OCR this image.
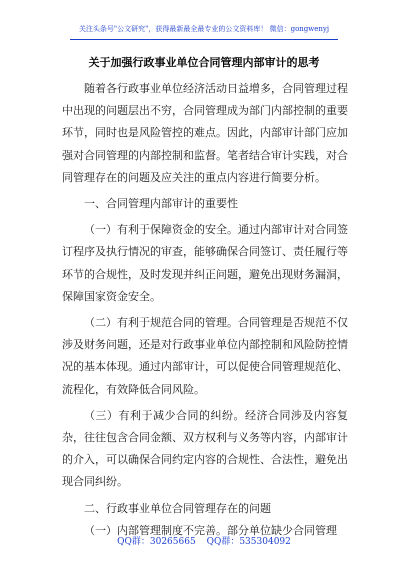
关注头条号"公文研究"，获得最新最全最专业的公文资料库！ 微信：gongwenyj
关于加强行政事业单位合同管理内部审计的思考

随着各行政事业单位经济活动日益增多，合同管理过程中出现的问题层出不穷，合同管理成为部门内部控制的重要环节，同时也是风险管控的难点。因此，内部审计部门应加强对合同管理的内部控制和监督。笔者结合审计实践，对合同管理存在的问题及应关注的重点内容进行简要分析。

一、合同管理内部审计的重要性

（一）有利于保障资金的安全。通过内部审计对合同签订程序及执行情况的审查，能够确保合同签订、责任履行等环节的合规性，及时发现并纠正问题，避免出现财务漏洞，保障国家资金安全。

（二）有利于规范合同的管理。合同管理是否规范不仅涉及财务问题，还是对行政事业单位内部控制和风险防控情况的基本体现。通过内部审计，可以促使合同管理规范化、流程化，有效降低合同风险。

（三）有利于减少合同的纠纷。经济合同涉及内容复杂，往往包含合同金额、双方权利与义务等内容，内部审计的介入，可以确保合同约定内容的合规性、合法性，避免出现合同纠纷。

二、行政事业单位合同管理存在的问题

（一）内部管理制度不完善。部分单位缺少合同管理

QQ群：30265665 QQ群：535304092
